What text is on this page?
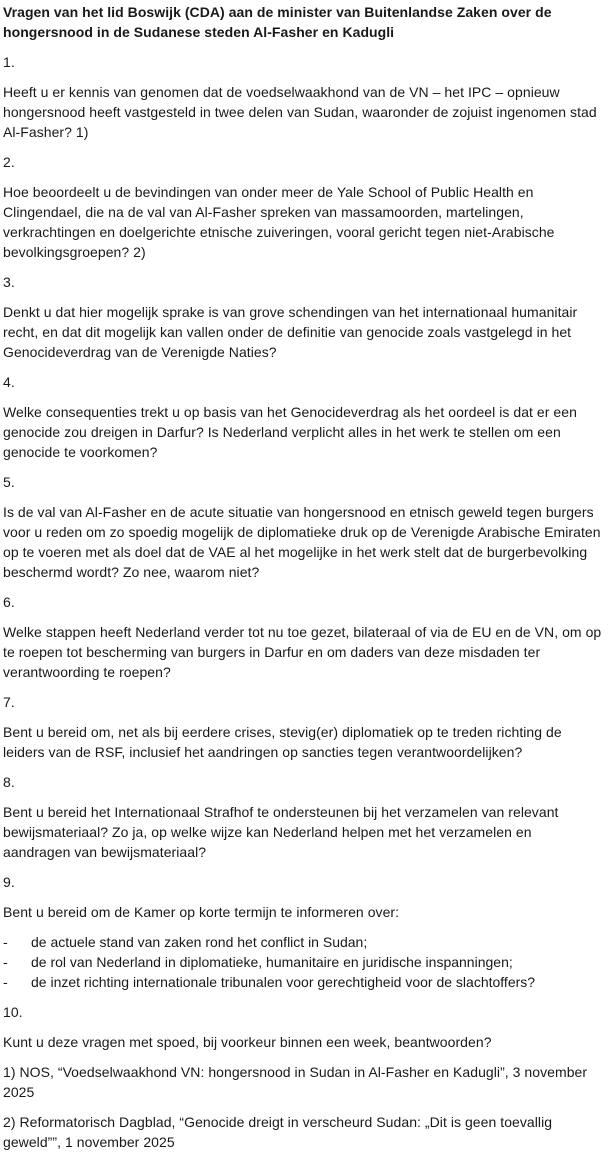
Vragen van het lid Boswijk (CDA) aan de minister van Buitenlandse Zaken over de hongersnood in de Sudanese steden Al-Fasher en Kadugli

1.

Heeft u er kennis van genomen dat de voedselwaakhond van de VN – het IPC – opnieuw hongersnood heeft vastgesteld in twee delen van Sudan, waaronder de zojuist ingenomen stad Al-Fasher? 1)

2.

Hoe beoordeelt u de bevindingen van onder meer de Yale School of Public Health en Clingendael, die na de val van Al-Fasher spreken van massamoorden, martelingen, verkrachtingen en doelgerichte etnische zuiveringen, vooral gericht tegen niet-Arabische bevolkingsgroepen? 2)

3.

Denkt u dat hier mogelijk sprake is van grove schendingen van het internationaal humanitair recht, en dat dit mogelijk kan vallen onder de definitie van genocide zoals vastgelegd in het Genocideverdrag van de Verenigde Naties?

4.

Welke consequenties trekt u op basis van het Genocideverdrag als het oordeel is dat er een genocide zou dreigen in Darfur? Is Nederland verplicht alles in het werk te stellen om een genocide te voorkomen?

5.

Is de val van Al-Fasher en de acute situatie van hongersnood en etnisch geweld tegen burgers voor u reden om zo spoedig mogelijk de diplomatieke druk op de Verenigde Arabische Emiraten op te voeren met als doel dat de VAE al het mogelijke in het werk stelt dat de burgerbevolking beschermd wordt? Zo nee, waarom niet?

6.

Welke stappen heeft Nederland verder tot nu toe gezet, bilateraal of via de EU en de VN, om op te roepen tot bescherming van burgers in Darfur en om daders van deze misdaden ter verantwoording te roepen?

7.

Bent u bereid om, net als bij eerdere crises, stevig(er) diplomatiek op te treden richting de leiders van de RSF, inclusief het aandringen op sancties tegen verantwoordelijken?

8.

Bent u bereid het Internationaal Strafhof te ondersteunen bij het verzamelen van relevant bewijsmateriaal? Zo ja, op welke wijze kan Nederland helpen met het verzamelen en aandragen van bewijsmateriaal?

9.

Bent u bereid om de Kamer op korte termijn te informeren over:

-	de actuele stand van zaken rond het conflict in Sudan;
-	de rol van Nederland in diplomatieke, humanitaire en juridische inspanningen;
-	de inzet richting internationale tribunalen voor gerechtigheid voor de slachtoffers?

10.

Kunt u deze vragen met spoed, bij voorkeur binnen een week, beantwoorden?

1) NOS, “Voedselwaakhond VN: hongersnood in Sudan in Al-Fasher en Kadugli”, 3 november 2025

2) Reformatorisch Dagblad, “Genocide dreigt in verscheurd Sudan: „Dit is geen toevallig geweld””, 1 november 2025
